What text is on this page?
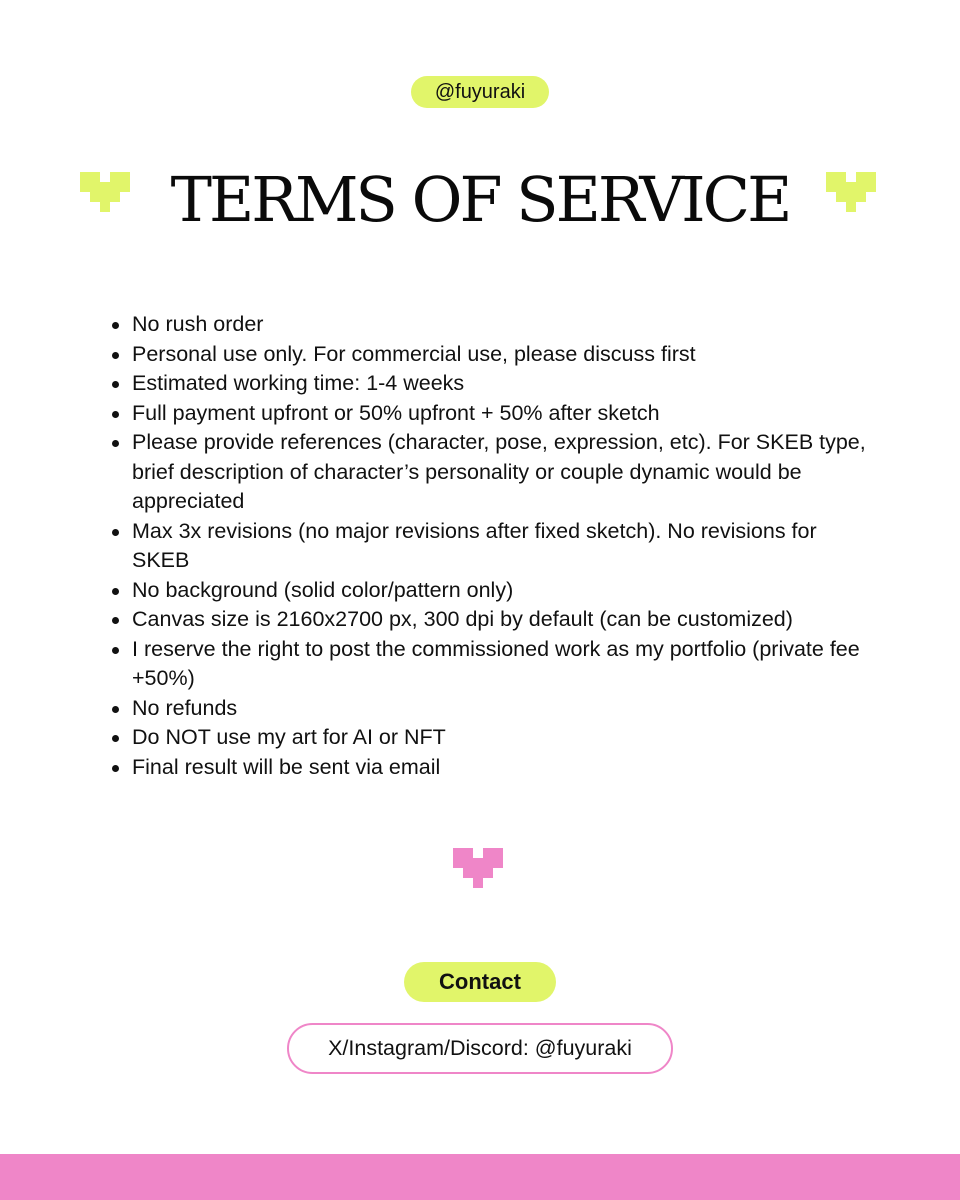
@fuyuraki
TERMS OF SERVICE
No rush order
Personal use only. For commercial use, please discuss first
Estimated working time: 1-4 weeks
Full payment upfront or 50% upfront + 50% after sketch
Please provide references (character, pose, expression, etc). For SKEB type, brief description of character’s personality or couple dynamic would be appreciated
Max 3x revisions (no major revisions after fixed sketch). No revisions for SKEB
No background (solid color/pattern only)
Canvas size is 2160x2700 px, 300 dpi by default (can be customized)
I reserve the right to post the commissioned work as my portfolio (private fee +50%)
No refunds
Do NOT use my art for AI or NFT
Final result will be sent via email
Contact
X/Instagram/Discord: @fuyuraki
